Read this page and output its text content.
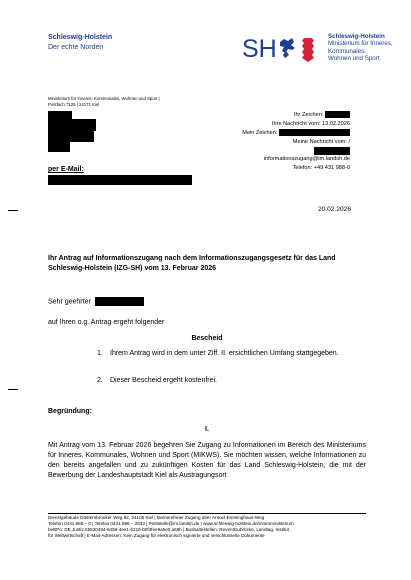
Schleswig-Holstein
Der echte Norden	SH	Schleswig-Holstein
Ministerium für Inneres,
Kommunales,
Wohnen und Sport
Ministerium für Inneres, Kommunales, Wohnen und Sport |
Postfach 7125 | 24171 Kiel
Ihr Zeichen:
Ihre Nachricht vom: 13.02.2026
Mein Zeichen:
Meine Nachricht vom: /
informationszugang@im.landsh.de
Telefon: +49 431 988-0
per E-Mail:
20.02.2026
Ihr Antrag auf Informationszugang nach dem Informationszugangsgesetz für das Land Schleswig-Holstein (IZG-SH) vom 13. Februar 2026
Sehr geehrter
auf Ihren o.g. Antrag ergeht folgender
Bescheid
1. Ihrem Antrag wird in dem unter Ziff. II. ersichtlichen Umfang stattgegeben.
2. Dieser Bescheid ergeht kostenfrei.
Begründung:
I.
Mit Antrag vom 13. Februar 2026 begehren Sie Zugang zu Informationen im Bereich des Ministeriums für Inneres, Kommunales, Wohnen und Sport (MIKWS). Sie möchten wissen, welche Informationen zu den bereits angefallen und zu zukünftigen Kosten für das Land Schleswig-Holstein, die mit der Bewerbung der Landeshauptstadt Kiel als Austragungsort
Dienstgebäude Düsternbrooker Weg 92, 24105 Kiel | Barrierefreier Zugang über Anexd-Emminghaus-Weg
Telefon 0431 988 – 0 | Telefax 0431 988 – 2833 | Poststelle@im.landsh.de | www.schleswig-holstein.de/innenministerium
beBPo: DE.Justiz.65530484-6459-4ee1-b216-b0f3fee9a5e0.a69b | Bushaltestellen: Reventloubrücke, Landtag, Institut
für Weltwirtschaft | E-Mail-Adressen: Kein Zugang für elektronisch signierte und verschlüsselte Dokumente
